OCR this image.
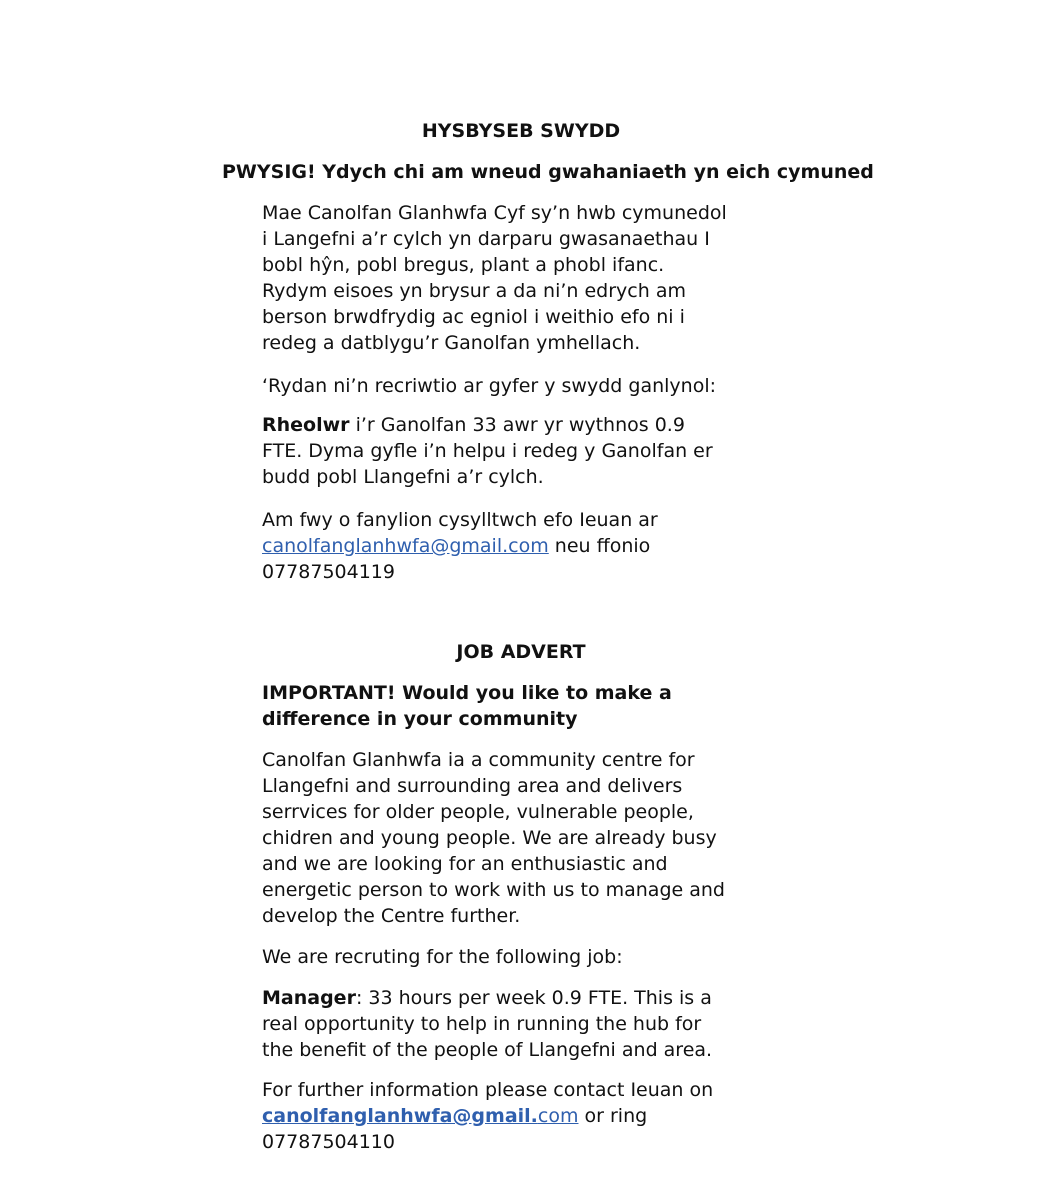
HYSBYSEB SWYDD
PWYSIG! Ydych chi am wneud gwahaniaeth yn eich cymuned
Mae Canolfan Glanhwfa Cyf sy’n hwb cymunedol
i Langefni a’r cylch yn darparu gwasanaethau I
bobl hŷn, pobl bregus, plant a phobl ifanc.
Rydym eisoes yn brysur a da ni’n edrych am
berson brwdfrydig ac egniol i weithio efo ni i
redeg a datblygu’r Ganolfan ymhellach.
‘Rydan ni’n recriwtio ar gyfer y swydd ganlynol:
Rheolwr i’r Ganolfan 33 awr yr wythnos 0.9
FTE. Dyma gyfle i’n helpu i redeg y Ganolfan er
budd pobl Llangefni a’r cylch.
Am fwy o fanylion cysylltwch efo Ieuan ar
canolfanglanhwfa@gmail.com neu ffonio
07787504119
JOB ADVERT
IMPORTANT! Would you like to make a
difference in your community
Canolfan Glanhwfa ia a community centre for
Llangefni and surrounding area and delivers
serrvices for older people, vulnerable people,
chidren and young people. We are already busy
and we are looking for an enthusiastic and
energetic person to work with us to manage and
develop the Centre further.
We are recruting for the following job:
Manager: 33 hours per week 0.9 FTE. This is a
real opportunity to help in running the hub for
the benefit of the people of Llangefni and area.
For further information please contact Ieuan on
canolfanglanhwfa@gmail.com or ring
07787504110
